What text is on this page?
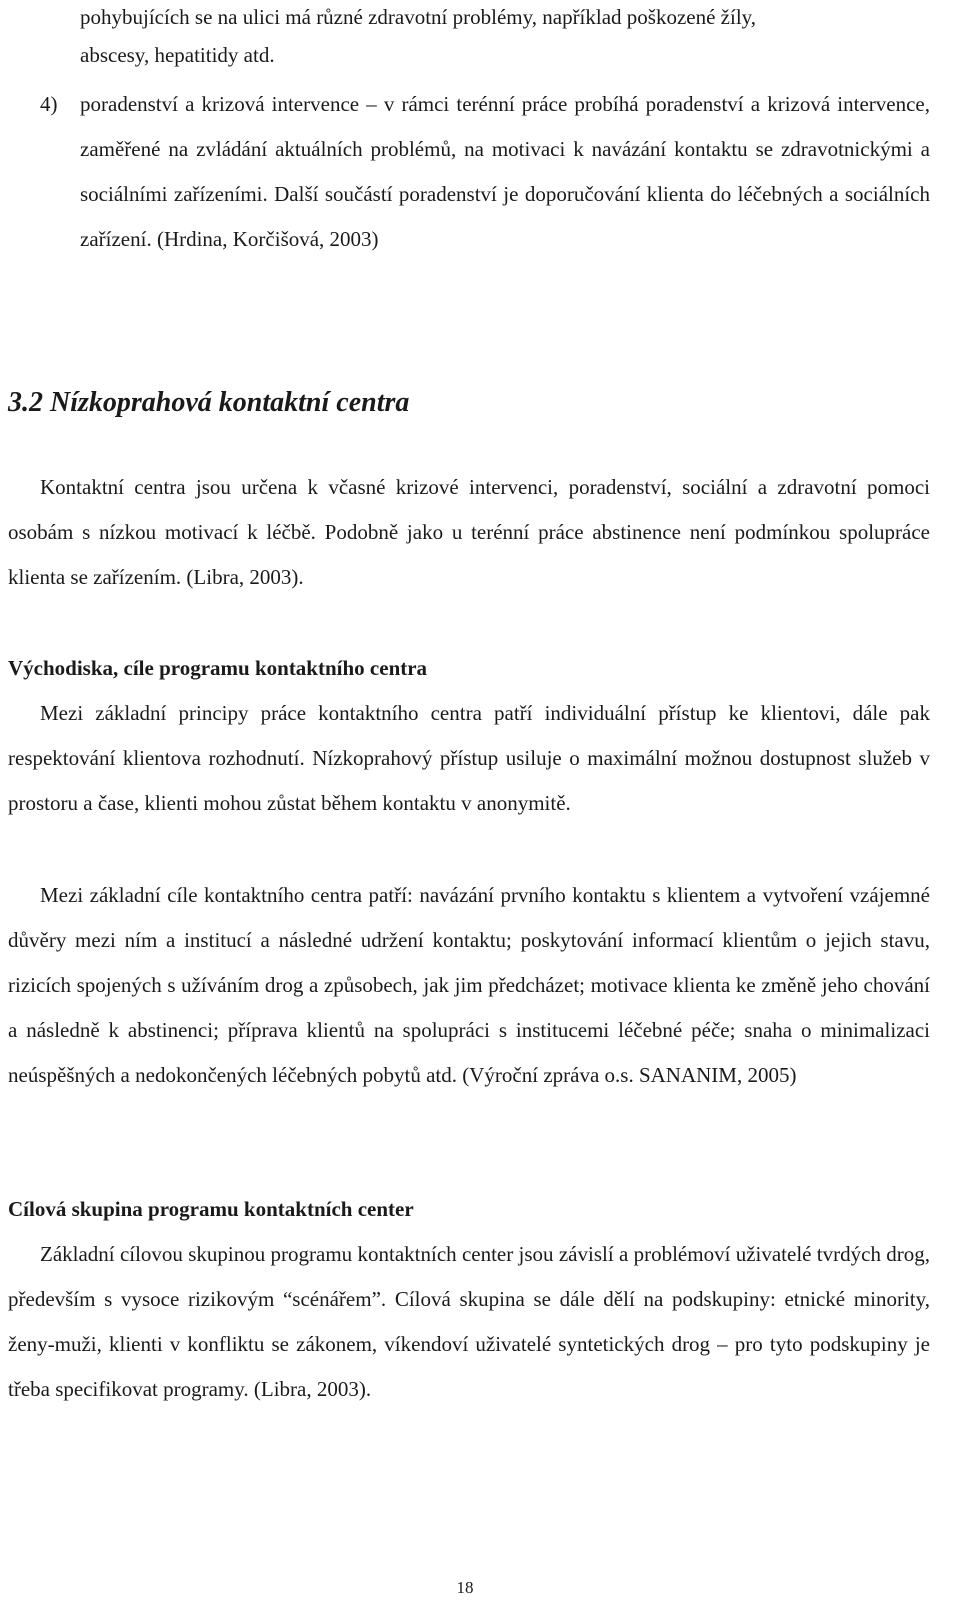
pohybujících se na ulici má různé zdravotní problémy, například poškozené žíly,

abscesy, hepatitidy atd.

4) poradenství a krizová intervence – v rámci terénní práce probíhá poradenství a krizová intervence, zaměřené na zvládání aktuálních problémů, na motivaci k navázání kontaktu se zdravotnickými a sociálními zařízeními. Další součástí poradenství je doporučování klienta do léčebných a sociálních zařízení. (Hrdina, Korčišová, 2003)

3.2 Nízkoprahová kontaktní centra

Kontaktní centra jsou určena k včasné krizové intervenci, poradenství, sociální a zdravotní pomoci osobám s nízkou motivací k léčbě. Podobně jako u terénní práce abstinence není podmínkou spolupráce klienta se zařízením. (Libra, 2003).

Východiska, cíle programu kontaktního centra

Mezi základní principy práce kontaktního centra patří individuální přístup ke klientovi, dále pak respektování klientova rozhodnutí. Nízkoprahový přístup usiluje o maximální možnou dostupnost služeb v prostoru a čase, klienti mohou zůstat během kontaktu v anonymitě.

Mezi základní cíle kontaktního centra patří: navázání prvního kontaktu s klientem a vytvoření vzájemné důvěry mezi ním a institucí a následné udržení kontaktu; poskytování informací klientům o jejich stavu, rizicích spojených s užíváním drog a způsobech, jak jim předcházet; motivace klienta ke změně jeho chování a následně k abstinenci; příprava klientů na spolupráci s institucemi léčebné péče; snaha o minimalizaci neúspěšných a nedokončených léčebných pobytů atd. (Výroční zpráva o.s. SANANIM, 2005)

Cílová skupina programu kontaktních center

Základní cílovou skupinou programu kontaktních center jsou závislí a problémoví uživatelé tvrdých drog, především s vysoce rizikovým “scénářem”. Cílová skupina se dále dělí na podskupiny: etnické minority, ženy-muži, klienti v konfliktu se zákonem, víkendoví uživatelé syntetických drog – pro tyto podskupiny je třeba specifikovat programy. (Libra, 2003).

18
